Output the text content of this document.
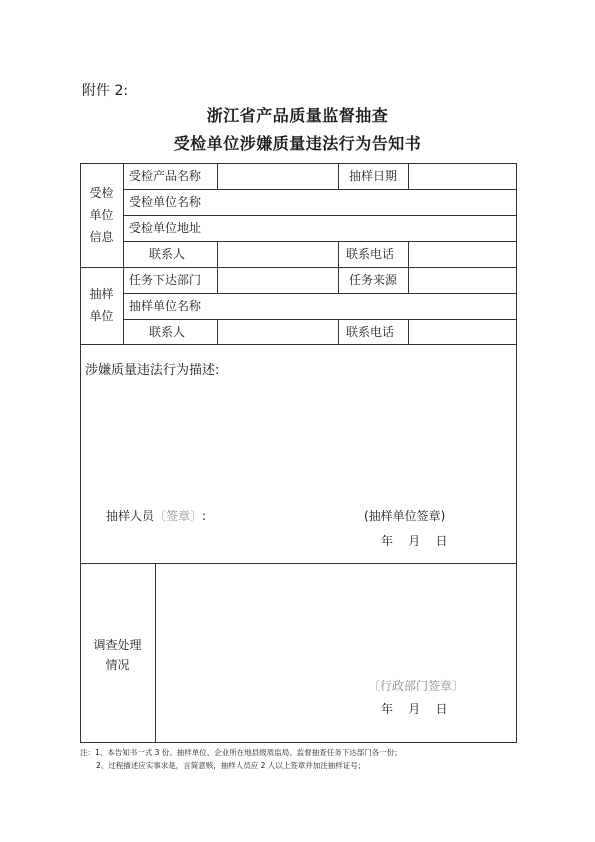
附件 2:
浙江省产品质量监督抽查
受检单位涉嫌质量违法行为告知书
受检
单位
信息
受检产品名称	抽样日期
受检单位名称
受检单位地址
联系人	联系电话
抽样
单位
任务下达部门	任务来源
抽样单位名称
联系人	联系电话
涉嫌质量违法行为描述:
抽样人员〔签章〕:	(抽样单位签章)
年    月    日
调查处理
情况
〔行政部门签章〕
年    月    日
注：1、本告知书一式 3 份。抽样单位、企业所在地县级质监局、监督抽查任务下达部门各一份；
2、过程描述应实事求是，言简意赅，抽样人员应 2 人以上签章并加注抽样证号；
